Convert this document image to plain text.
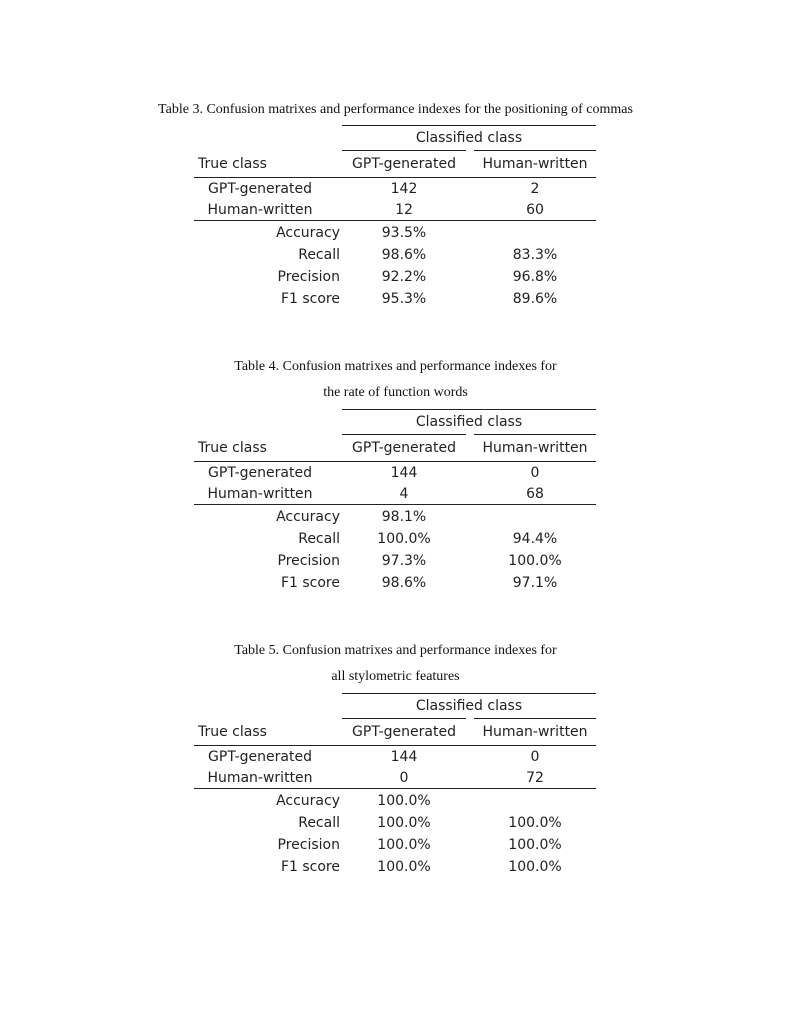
Table 3. Confusion matrixes and performance indexes for the positioning of commas
Classified class
True class	GPT-generated	Human-written
GPT-generated	142	2
Human-written	12	60
Accuracy	93.5%
Recall	98.6%	83.3%
Precision	92.2%	96.8%
F1 score	95.3%	89.6%
Table 4. Confusion matrixes and performance indexes for
the rate of function words
Classified class
True class	GPT-generated	Human-written
GPT-generated	144	0
Human-written	4	68
Accuracy	98.1%
Recall	100.0%	94.4%
Precision	97.3%	100.0%
F1 score	98.6%	97.1%
Table 5. Confusion matrixes and performance indexes for
all stylometric features
Classified class
True class	GPT-generated	Human-written
GPT-generated	144	0
Human-written	0	72
Accuracy	100.0%
Recall	100.0%	100.0%
Precision	100.0%	100.0%
F1 score	100.0%	100.0%
